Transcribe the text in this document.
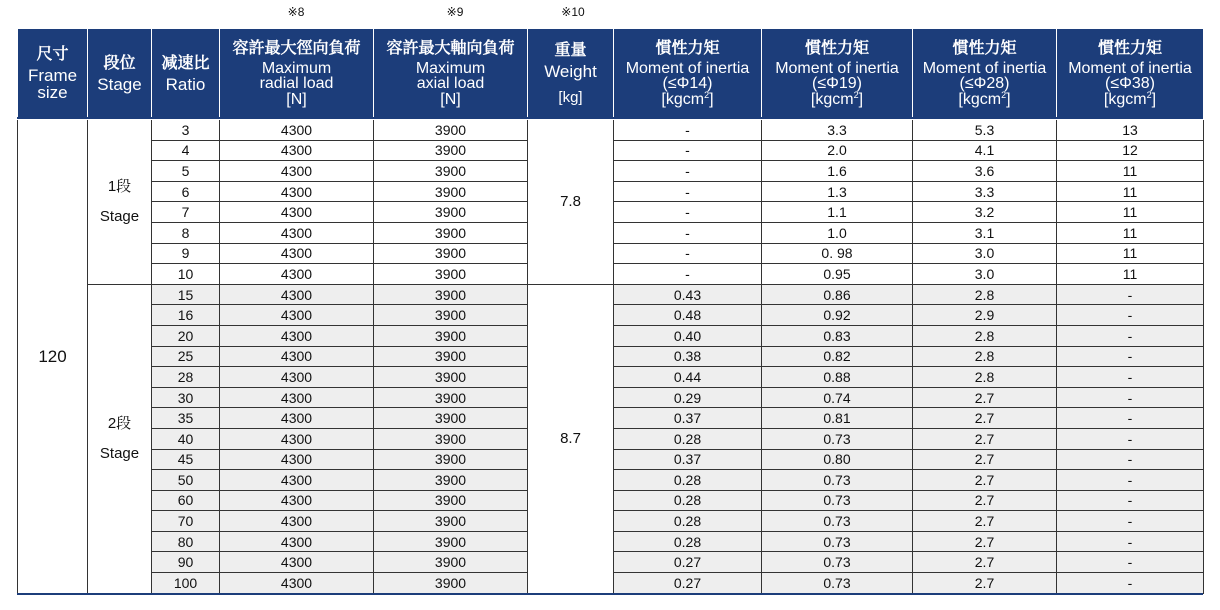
※8	※9	※10
尺寸
Frame
size	段位
Stage	减速比
Ratio	容許最大徑向負荷
Maximum
radial load
[N]	容許最大軸向負荷
Maximum
axial load
[N]	重量
Weight
[kg]	慣性力矩
Moment of inertia
(≤Φ14)
[kgcm$^2$]	慣性力矩
Moment of inertia
(≤Φ19)
[kgcm$^2$]	慣性力矩
Moment of inertia
(≤Φ28)
[kgcm$^2$]	慣性力矩
Moment of inertia
(≤Φ38)
[kgcm$^2$]

120	1段
Stage	3	4300	3900	7.8	-	3.3	5.3	13
		4	4300	3900		-	2.0	4.1	12
		5	4300	3900		-	1.6	3.6	11
		6	4300	3900		-	1.3	3.3	11
		7	4300	3900		-	1.1	3.2	11
		8	4300	3900		-	1.0	3.1	11
		9	4300	3900		-	0. 98	3.0	11
		10	4300	3900		-	0.95	3.0	11

	2段
Stage	15	4300	3900	8.7	0.43	0.86	2.8	-
		16	4300	3900		0.48	0.92	2.9	-
		20	4300	3900		0.40	0.83	2.8	-
		25	4300	3900		0.38	0.82	2.8	-
		28	4300	3900		0.44	0.88	2.8	-
		30	4300	3900		0.29	0.74	2.7	-
		35	4300	3900		0.37	0.81	2.7	-
		40	4300	3900		0.28	0.73	2.7	-
		45	4300	3900		0.37	0.80	2.7	-
		50	4300	3900		0.28	0.73	2.7	-
		60	4300	3900		0.28	0.73	2.7	-
		70	4300	3900		0.28	0.73	2.7	-
		80	4300	3900		0.28	0.73	2.7	-
		90	4300	3900		0.27	0.73	2.7	-
		100	4300	3900		0.27	0.73	2.7	-
